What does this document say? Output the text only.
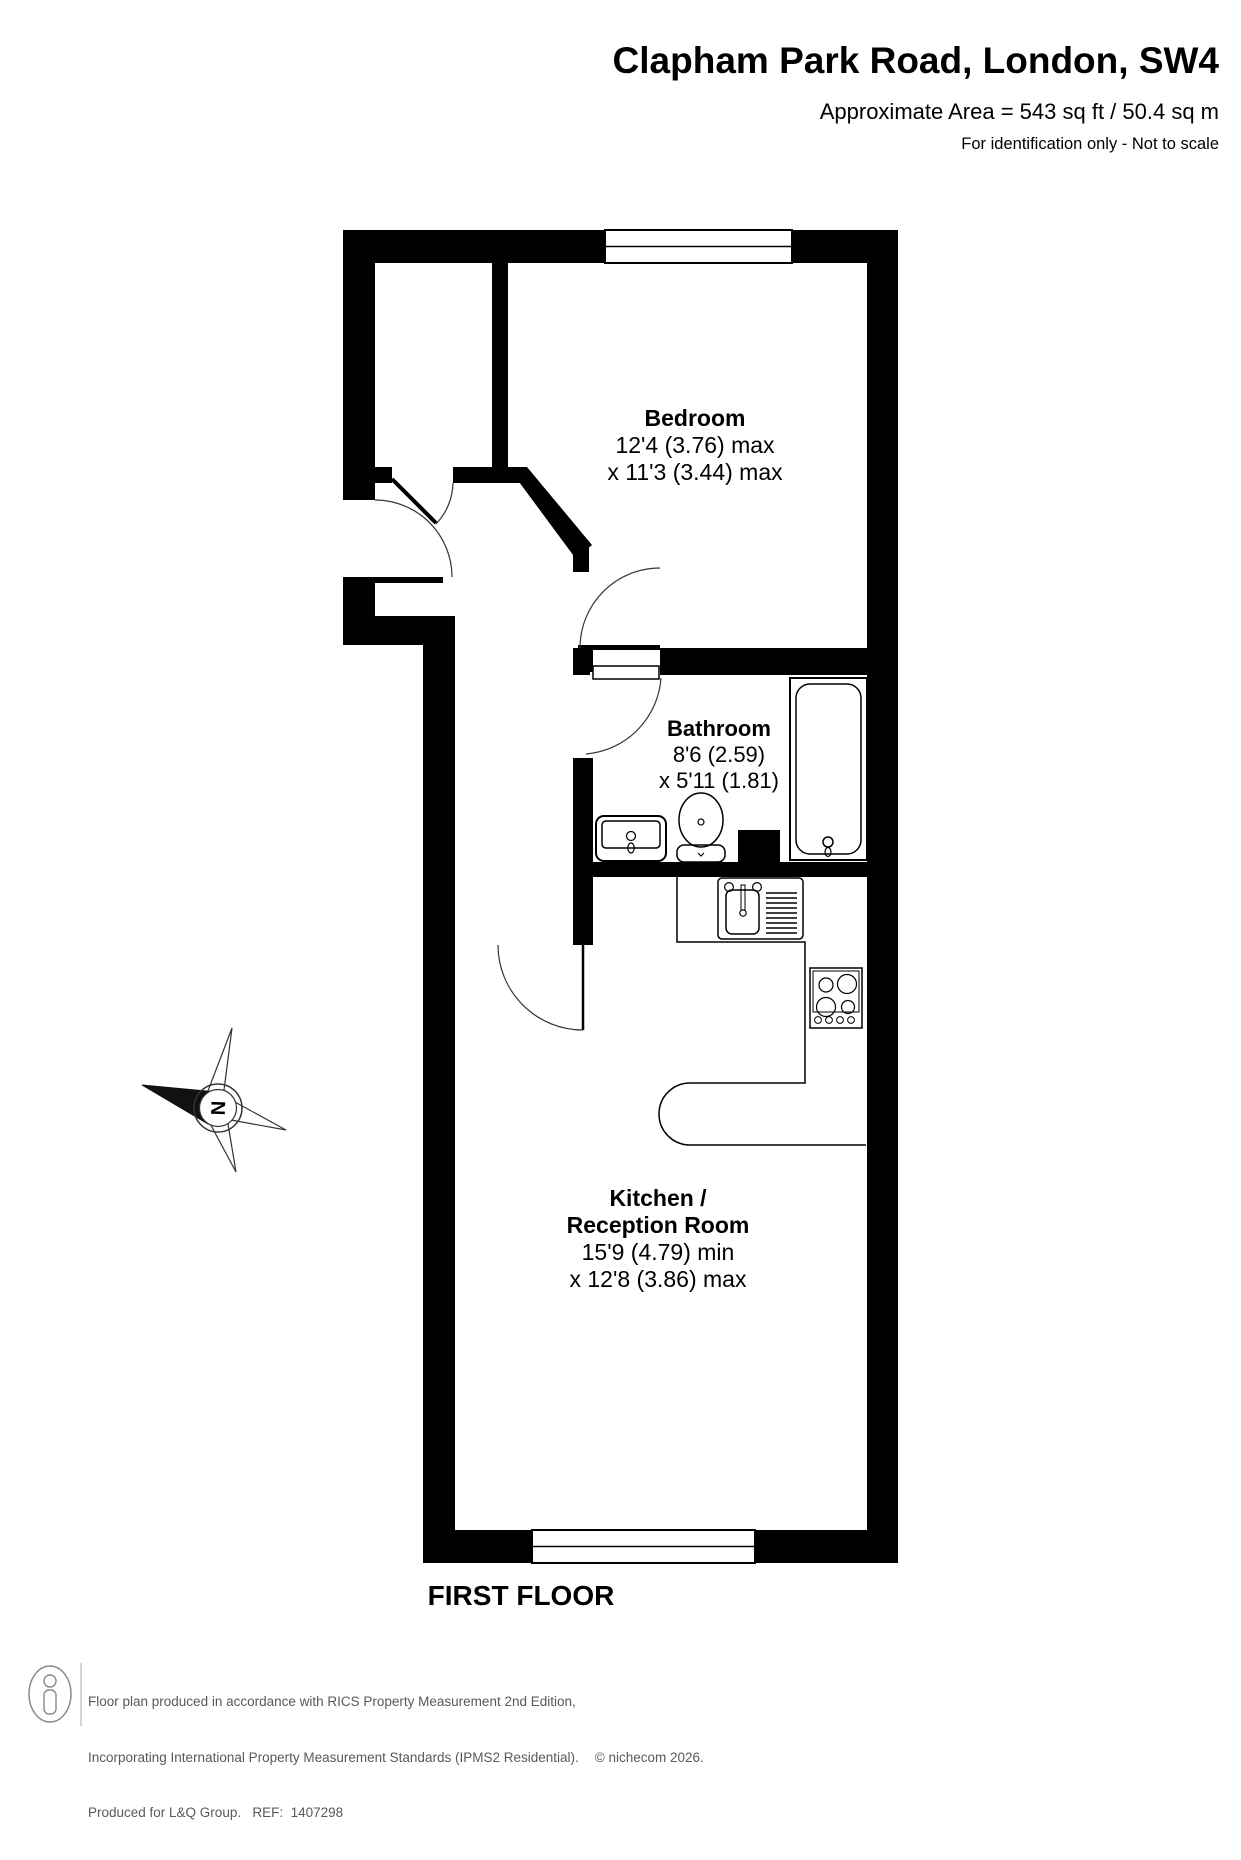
N
Clapham Park Road, London, SW4
Approximate Area = 543 sq ft / 50.4 sq m
For identification only - Not to scale
Bedroom
12'4 (3.76) max
x 11'3 (3.44) max
Bathroom
8'6 (2.59)
x 5'11 (1.81)
Kitchen /
Reception Room
15'9 (4.79) min
x 12'8 (3.86) max
FIRST FLOOR

Floor plan produced in accordance with RICS Property Measurement 2nd Edition,

Incorporating International Property Measurement Standards (IPMS2 Residential). © nichecom 2026.

Produced for L&Q Group.   REF:  1407298
